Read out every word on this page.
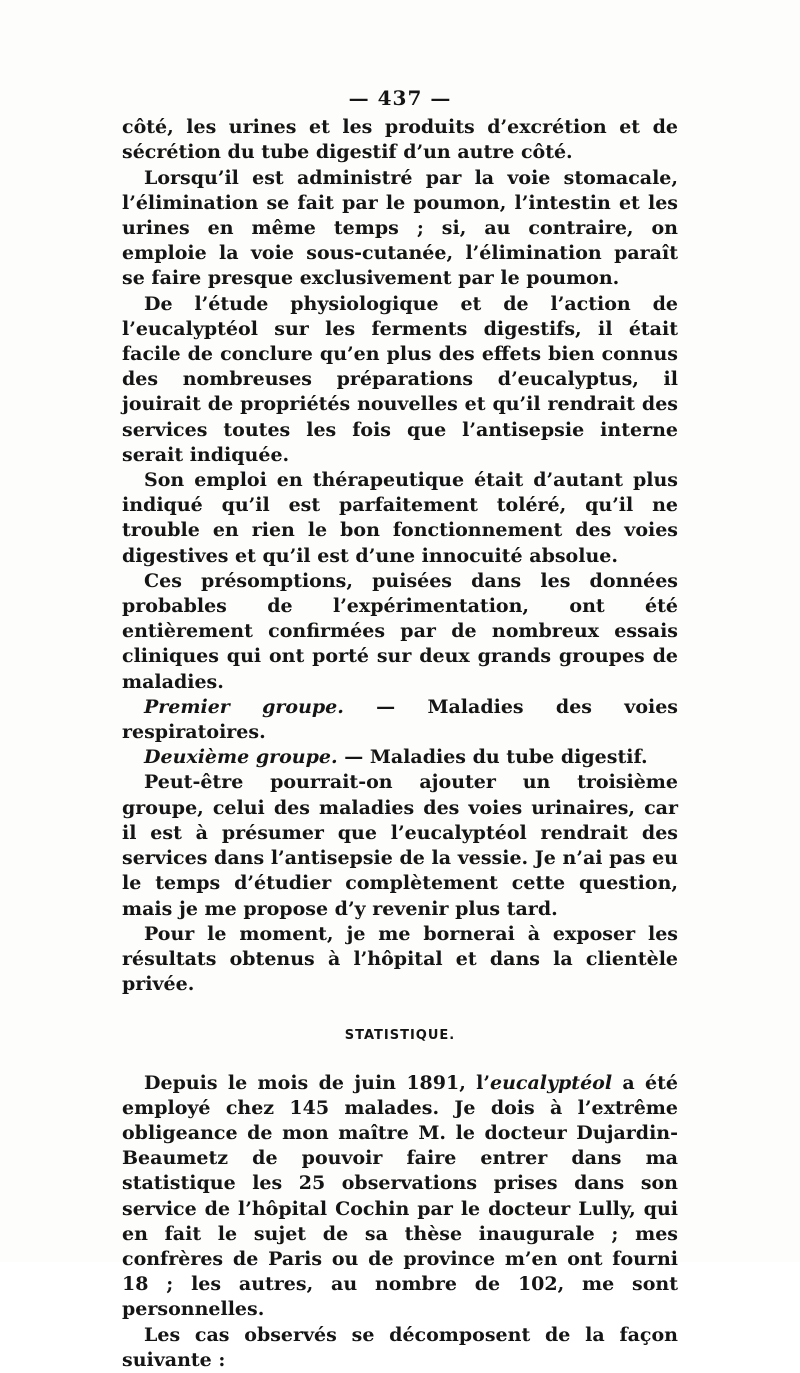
— 437 —

côté, les urines et les produits d’excrétion et de sécrétion du tube digestif d’un autre côté.

Lorsqu’il est administré par la voie stomacale, l’élimination se fait par le poumon, l’intestin et les urines en même temps ; si, au contraire, on emploie la voie sous-cutanée, l’élimination paraît se faire presque exclusivement par le poumon.

De l’étude physiologique et de l’action de l’eucalyptéol sur les ferments digestifs, il était facile de conclure qu’en plus des effets bien connus des nombreuses préparations d’eucalyptus, il jouirait de propriétés nouvelles et qu’il rendrait des services toutes les fois que l’antisepsie interne serait indiquée.

Son emploi en thérapeutique était d’autant plus indiqué qu’il est parfaitement toléré, qu’il ne trouble en rien le bon fonctionnement des voies digestives et qu’il est d’une innocuité absolue.

Ces présomptions, puisées dans les données probables de l’expérimentation, ont été entièrement confirmées par de nombreux essais cliniques qui ont porté sur deux grands groupes de maladies.

Premier groupe. — Maladies des voies respiratoires.

Deuxième groupe. — Maladies du tube digestif.

Peut-être pourrait-on ajouter un troisième groupe, celui des maladies des voies urinaires, car il est à présumer que l’eucalyptéol rendrait des services dans l’antisepsie de la vessie. Je n’ai pas eu le temps d’étudier complètement cette question, mais je me propose d’y revenir plus tard.

Pour le moment, je me bornerai à exposer les résultats obtenus à l’hôpital et dans la clientèle privée.

STATISTIQUE.

Depuis le mois de juin 1891, l’eucalyptéol a été employé chez 145 malades. Je dois à l’extrême obligeance de mon maître M. le docteur Dujardin-Beaumetz de pouvoir faire entrer dans ma statistique les 25 observations prises dans son service de l’hôpital Cochin par le docteur Lully, qui en fait le sujet de sa thèse inaugurale ; mes confrères de Paris ou de province m’en ont fourni 18 ; les autres, au nombre de 102, me sont personnelles.

Les cas observés se décomposent de la façon suivante :
